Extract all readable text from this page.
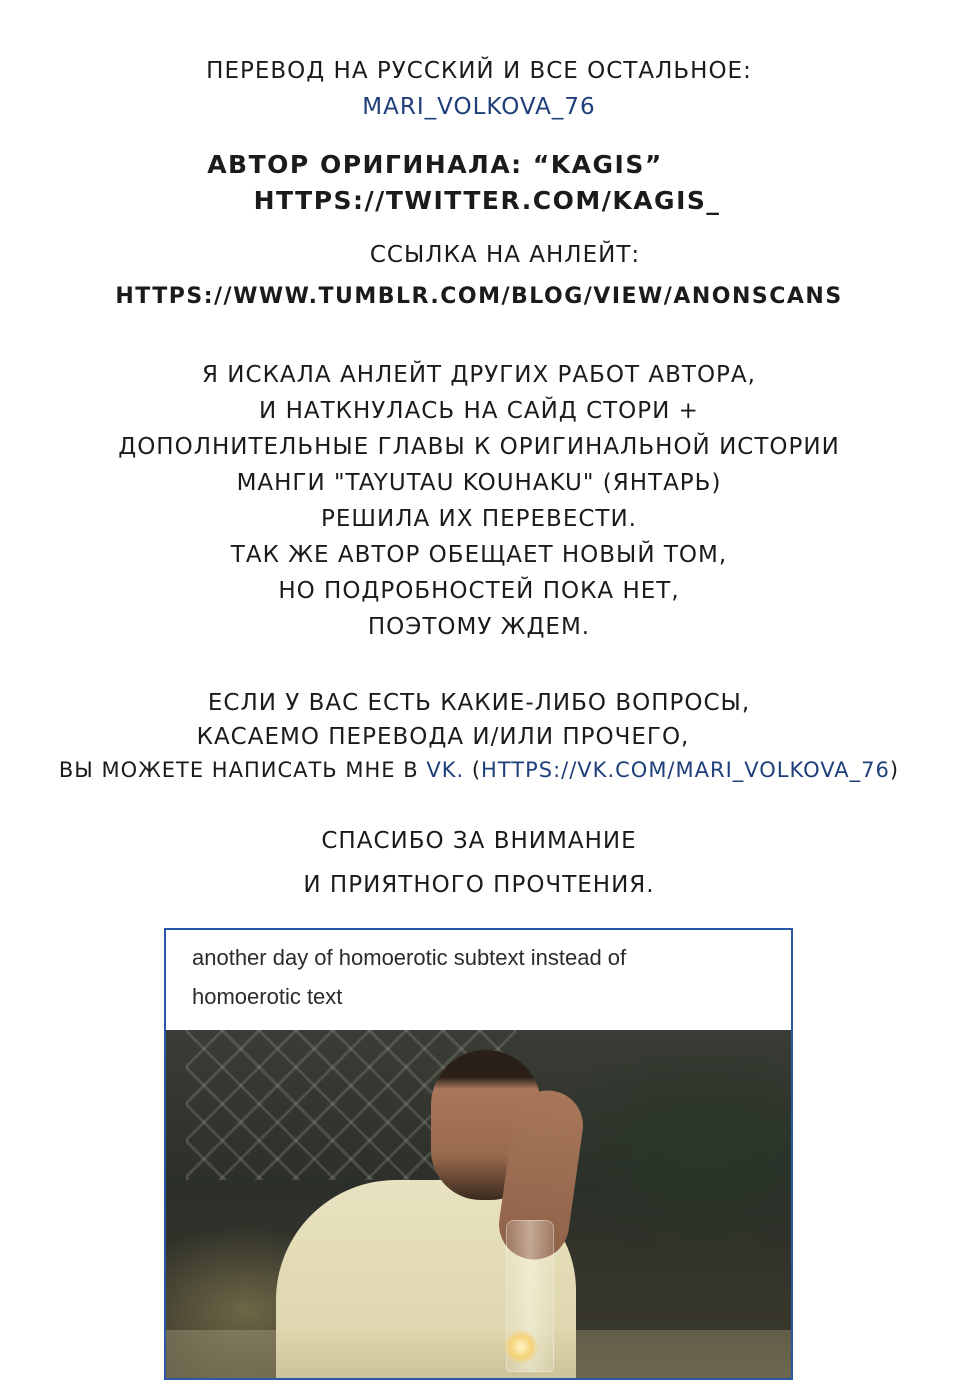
ПЕРЕВОД НА РУССКИЙ И ВСЕ ОСТАЛЬНОЕ:
MARI_VOLKOVA_76
АВТОР ОРИГИНАЛА: “KAGIS”
HTTPS://TWITTER.COM/KAGIS_
ССЫЛКА НА АНЛЕЙТ:
HTTPS://WWW.TUMBLR.COM/BLOG/VIEW/ANONSCANS
Я ИСКАЛА АНЛЕЙТ ДРУГИХ РАБОТ АВТОРА,
И НАТКНУЛАСЬ НА САЙД СТОРИ +
ДОПОЛНИТЕЛЬНЫЕ ГЛАВЫ К ОРИГИНАЛЬНОЙ ИСТОРИИ
МАНГИ "TAYUTAU KOUHAKU" (ЯНТАРЬ)
РЕШИЛА ИХ ПЕРЕВЕСТИ.
ТАК ЖЕ АВТОР ОБЕЩАЕТ НОВЫЙ ТОМ,
НО ПОДРОБНОСТЕЙ ПОКА НЕТ,
ПОЭТОМУ ЖДЕМ.
ЕСЛИ У ВАС ЕСТЬ КАКИЕ-ЛИБО ВОПРОСЫ,
КАСАЕМО ПЕРЕВОДА И/ИЛИ ПРОЧЕГО,
ВЫ МОЖЕТЕ НАПИСАТЬ МНЕ В VK. (HTTPS://VK.COM/MARI_VOLKOVA_76)
СПАСИБО ЗА ВНИМАНИЕ
И ПРИЯТНОГО ПРОЧТЕНИЯ.
another day of homoerotic subtext instead of
homoerotic text
